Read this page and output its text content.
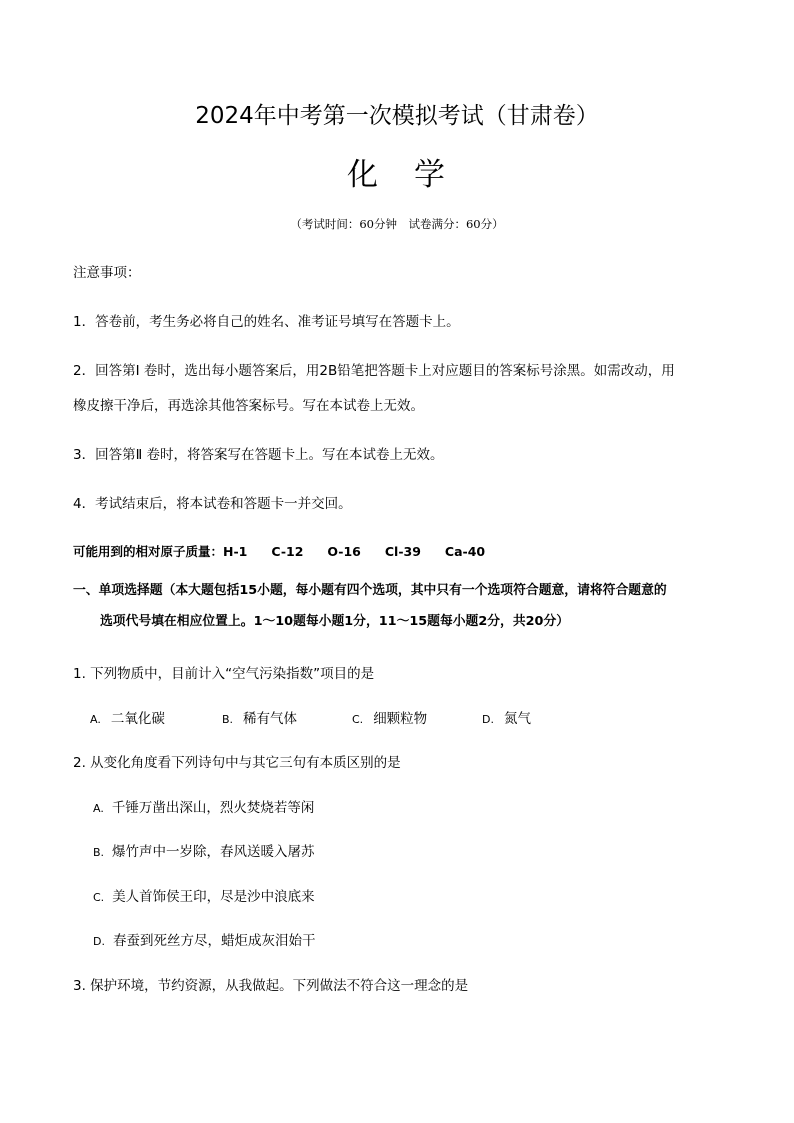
2024年中考第一次模拟考试（甘肃卷）
化 学
（考试时间：60分钟　试卷满分：60分）
注意事项：
1．答卷前，考生务必将自己的姓名、准考证号填写在答题卡上。
2．回答第Ⅰ 卷时，选出每小题答案后，用2B铅笔把答题卡上对应题目的答案标号涂黑。如需改动，用
橡皮擦干净后，再选涂其他答案标号。写在本试卷上无效。
3．回答第Ⅱ 卷时，将答案写在答题卡上。写在本试卷上无效。
4．考试结束后，将本试卷和答题卡一并交回。
可能用到的相对原子质量：H-1 C-12 O-16 Cl-39 Ca-40
一、单项选择题（本大题包括15小题，每小题有四个选项，其中只有一个选项符合题意，请将符合题意的
选项代号填在相应位置上。1～10题每小题1分，11～15题每小题2分，共20分）
1. 下列物质中，目前计入“空气污染指数”项目的是
A. 二氧化碳	B. 稀有气体	C. 细颗粒物	D. 氮气
2. 从变化角度看下列诗句中与其它三句有本质区别的是
A. 千锤万凿出深山，烈火焚烧若等闲
B. 爆竹声中一岁除，春风送暖入屠苏
C. 美人首饰侯王印，尽是沙中浪底来
D. 春蚕到死丝方尽，蜡炬成灰泪始干
3. 保护环境，节约资源，从我做起。下列做法不符合这一理念的是
